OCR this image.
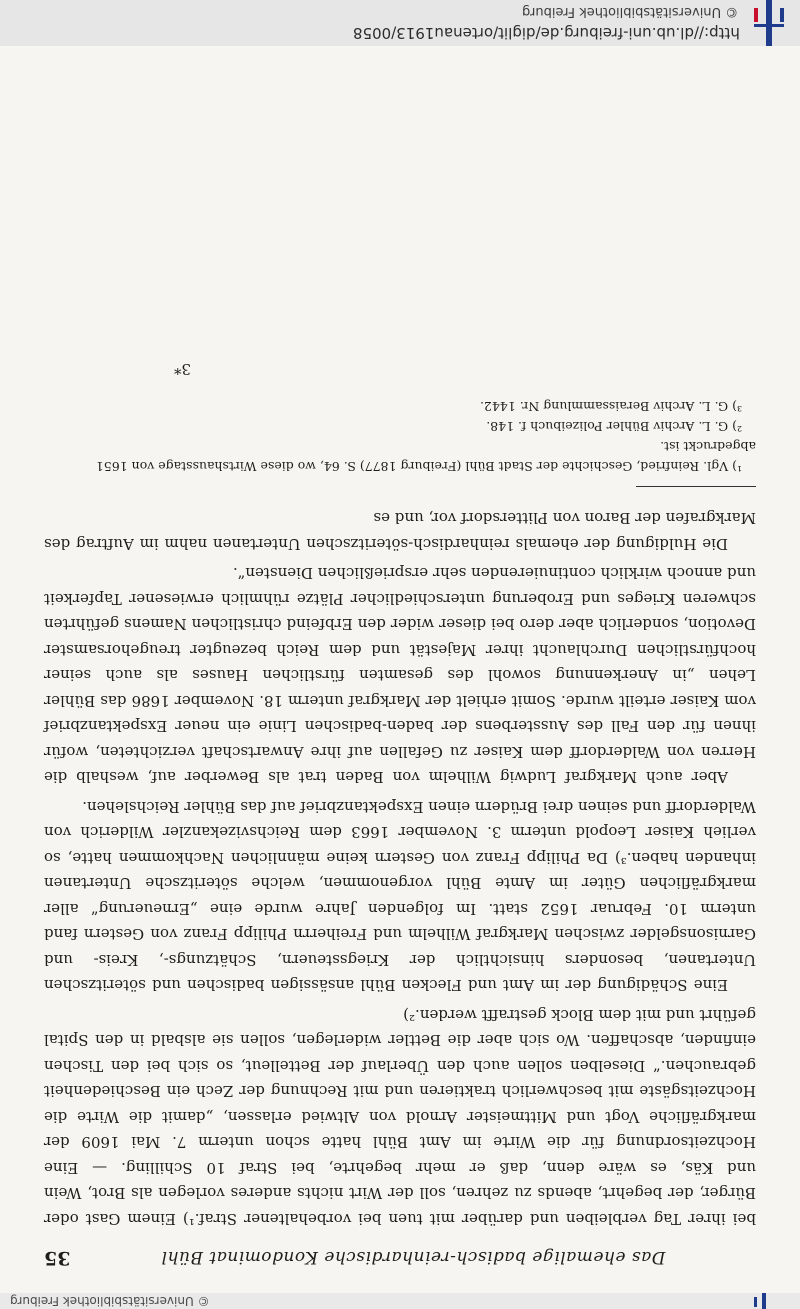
© Universitätsbibliothek Freiburg
http://dl.ub.uni-freiburg.de/diglit/ortenau1913/0058
Das ehemalige badisch-reinhardische Kondominat Bühl
35

bei ihrer Tag verbleiben und darüber mit tuen bei vorbehaltener Straf.¹) Einem Gast oder Bürger, der begehrt, abends zu zehren, soll der Wirt nichts anderes vorlegen als Brot, Wein und Käs, es wäre denn, daß er mehr begehrte, bei Straf 10 Schilling. — Eine Hochzeitsordnung für die Wirte im Amt Bühl hatte schon unterm 7. Mai 1609 der markgräfliche Vogt und Mittmeister Arnold von Altwied erlassen, „damit die Wirte die Hochzeitsgäste mit beschwerlich traktieren und mit Rechnung der Zech ein Beschiedenheit gebrauchen.“ Dieselben sollen auch den Überlauf der Bettelleut, so sich bei den Tischen einfinden, abschaffen. Wo sich aber die Bettler widerlegen, sollen sie alsbald in den Spital geführt und mit dem Block gestrafft werden.²)

Eine Schädigung der im Amt und Flecken Bühl ansässigen badischen und söteritzschen Untertanen, besonders hinsichtlich der Kriegssteuern, Schätzungs-, Kreis- und Garnisonsgelder zwischen Markgraf Wilhelm und Freiherrn Philipp Franz von Gestern fand unterm 10. Februar 1652 statt. Im folgenden Jahre wurde eine „Erneuerung“ aller markgräflichen Güter im Amte Bühl vorgenommen, welche söteritzsche Untertanen inhanden haben.³) Da Philipp Franz von Gestern keine männlichen Nachkommen hatte, so verlieh Kaiser Leopold unterm 3. November 1663 dem Reichsvizekanzler Wilderich von Walderdorff und seinen drei Brüdern einen Exspektanzbrief auf das Bühler Reichslehen.

Aber auch Markgraf Ludwig Wilhelm von Baden trat als Bewerber auf, weshalb die Herren von Walderdorff dem Kaiser zu Gefallen auf ihre Anwartschaft verzichteten, wofür ihnen für den Fall des Aussterbens der baden-badischen Linie ein neuer Exspektanzbrief vom Kaiser erteilt wurde. Somit erhielt der Markgraf unterm 18. November 1686 das Bühler Lehen „in Anerkennung sowohl des gesamten fürstlichen Hauses als auch seiner hochfürstlichen Durchlaucht ihrer Majestät und dem Reich bezeugter treugehorsamster Devotion, sonderlich aber dero bei dieser wider den Erbfeind christlichen Namens geführten schweren Krieges und Eroberung unterschiedlicher Plätze rühmlich erwiesener Tapferkeit und annoch wirklich continuierenden sehr ersprießlichen Diensten“.

Die Huldigung der ehemals reinhardisch-söteritzschen Untertanen nahm im Auftrag des Markgrafen der Baron von Plittersdorf vor, und es

¹) Vgl. Reinfried, Geschichte der Stadt Bühl (Freiburg 1877) S. 64, wo diese Wirtshausstage von 1651 abgedruckt ist.

²) G. L. Archiv Bühler Polizeibuch f. 148.

³) G. L. Archiv Beraissammlung Nr. 1442.

3*
© Universitätsbibliothek Freiburg
